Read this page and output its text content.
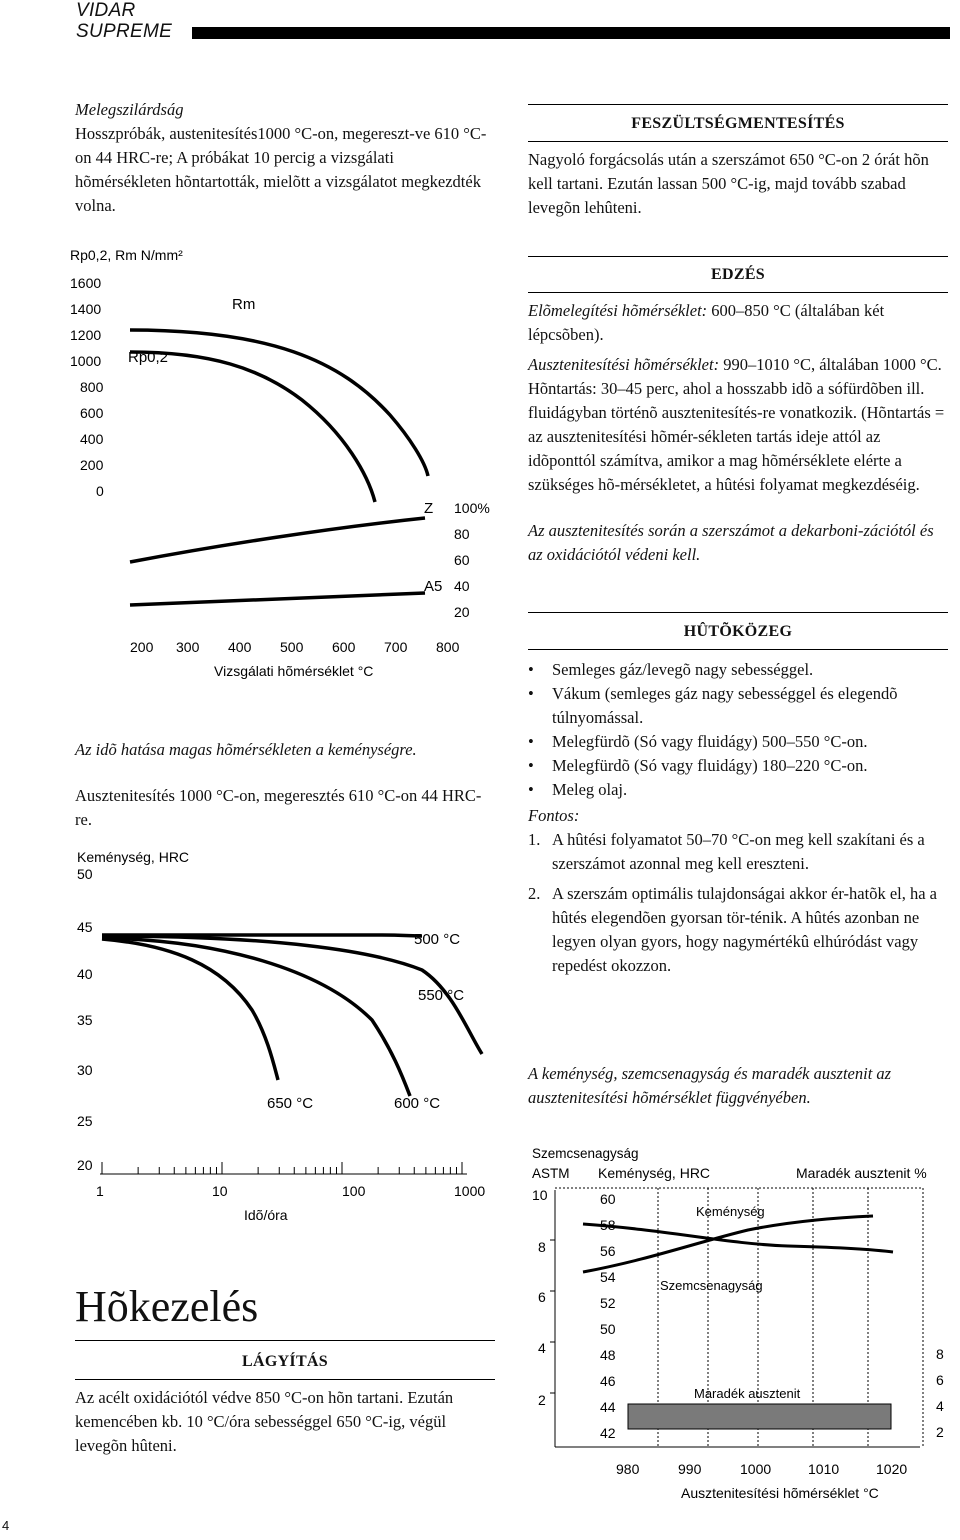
VIDAR
SUPREME

Melegszilárdság

Hosszpróbák, austenitesítés1000 °C-on, megereszt-ve 610 °C-on 44 HRC-re; A próbákat 10 percig a vizsgálati hõmérsékleten hõntartották, mielõtt a vizsgálatot megkezdték volna.

Rp0,2, Rm N/mm²
1600
1400
1200
1000
800
600
400
200
0
100%
80
60
40
20
200 300 400 500 600 700 800
Vizsgálati hõmérséklet °C
Rm
Rp0,2
Z
A5

Az idõ hatása magas hõmérsékleten a keménységre.

Ausztenitesítés 1000 °C-on, megeresztés 610 °C-on 44 HRC-re.

Keménység, HRC
50
45
40
35
30
25
20
1	10	100	1000
Idõ/óra
500 °C
550 °C
600 °C
650 °C
Hõkezelés
LÁGYÍTÁS

Az acélt oxidációtól védve 850 °C-on hõn tartani. Ezután kemencében kb. 10 °C/óra sebességgel 650 °C-ig, végül levegõn hûteni.

FESZÜLTSÉGMENTESÍTÉS

Nagyoló forgácsolás után a szerszámot 650 °C-on 2 órát hõn kell tartani. Ezután lassan 500 °C-ig, majd tovább szabad levegõn lehûteni.

EDZÉS

Elõmelegítési hõmérséklet: 600–850 °C (általában két lépcsõben).

Ausztenitesítési hõmérséklet: 990–1010 °C, általában 1000 °C. Hõntartás: 30–45 perc, ahol a hosszabb idõ a sófürdõben ill. fluidágyban történõ ausztenitesítés-re vonatkozik. (Hõntartás = az ausztenitesítési hõmér-sékleten tartás ideje attól az idõponttól számítva, amikor a mag hõmérséklete elérte a szükséges hõ-mérsékletet, a hûtési folyamat megkezdéséig.

Az ausztenitesítés során a szerszámot a dekarboni-zációtól és az oxidációtól védeni kell.

HÛTÕKÖZEG
• Semleges gáz/levegõ nagy sebességgel.
• Vákum (semleges gáz nagy sebességgel és elegendõ túlnyomással.
• Melegfürdõ (Só vagy fluidágy) 500–550 °C-on.
• Melegfürdõ (Só vagy fluidágy) 180–220 °C-on.
• Meleg olaj.

Fontos:

1. A hûtési folyamatot 50–70 °C-on meg kell szakítani és a szerszámot azonnal meg kell ereszteni.
2. A szerszám optimális tulajdonságai akkor ér-hatõk el, ha a hûtés elegendõen gyorsan tör-ténik. A hûtés azonban ne legyen olyan gyors, hogy nagymértékû elhúródást vagy repedést okozzon.

A keménység, szemcsenagyság és maradék ausztenit az ausztenitesítési hõmérséklet függvényében.

Szemcsenagyság
ASTM Keménység, HRC	Maradék ausztenit %
10
8
6
4
2
60
58
56
54
52
50
48
46
44
42
8
6
4
2
Keménység
Szemcsenagyság
Maradék ausztenit
980	990	1000	1010	1020
Ausztenitesítési hõmérséklet °C
4
